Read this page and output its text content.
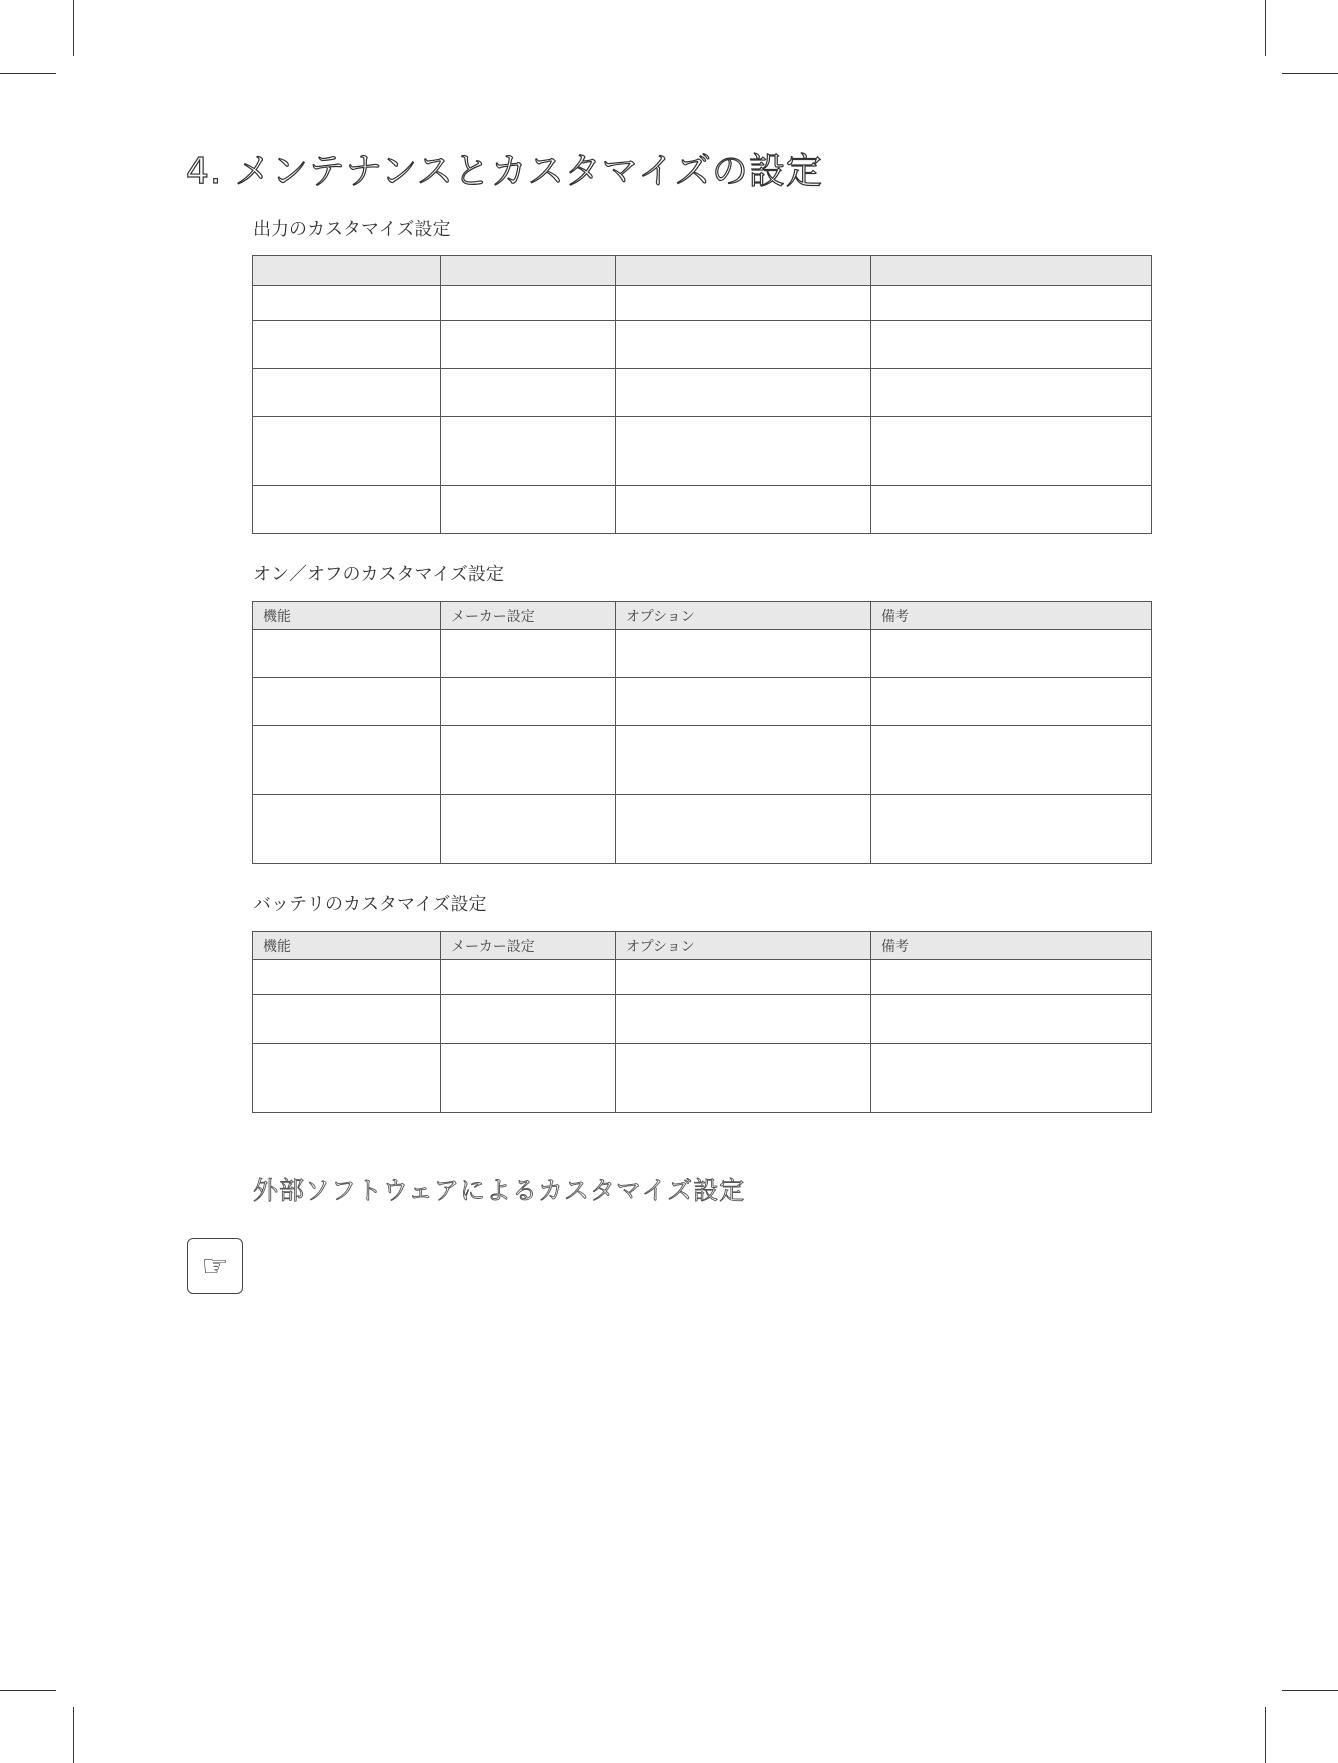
4. メンテナンスとカスタマイズの設定
出力のカスタマイズ設定

オン／オフのカスタマイズ設定
機能	メーカー設定	オプション	備考

バッテリのカスタマイズ設定
機能	メーカー設定	オプション	備考

外部ソフトウェアによるカスタマイズ設定
☞
